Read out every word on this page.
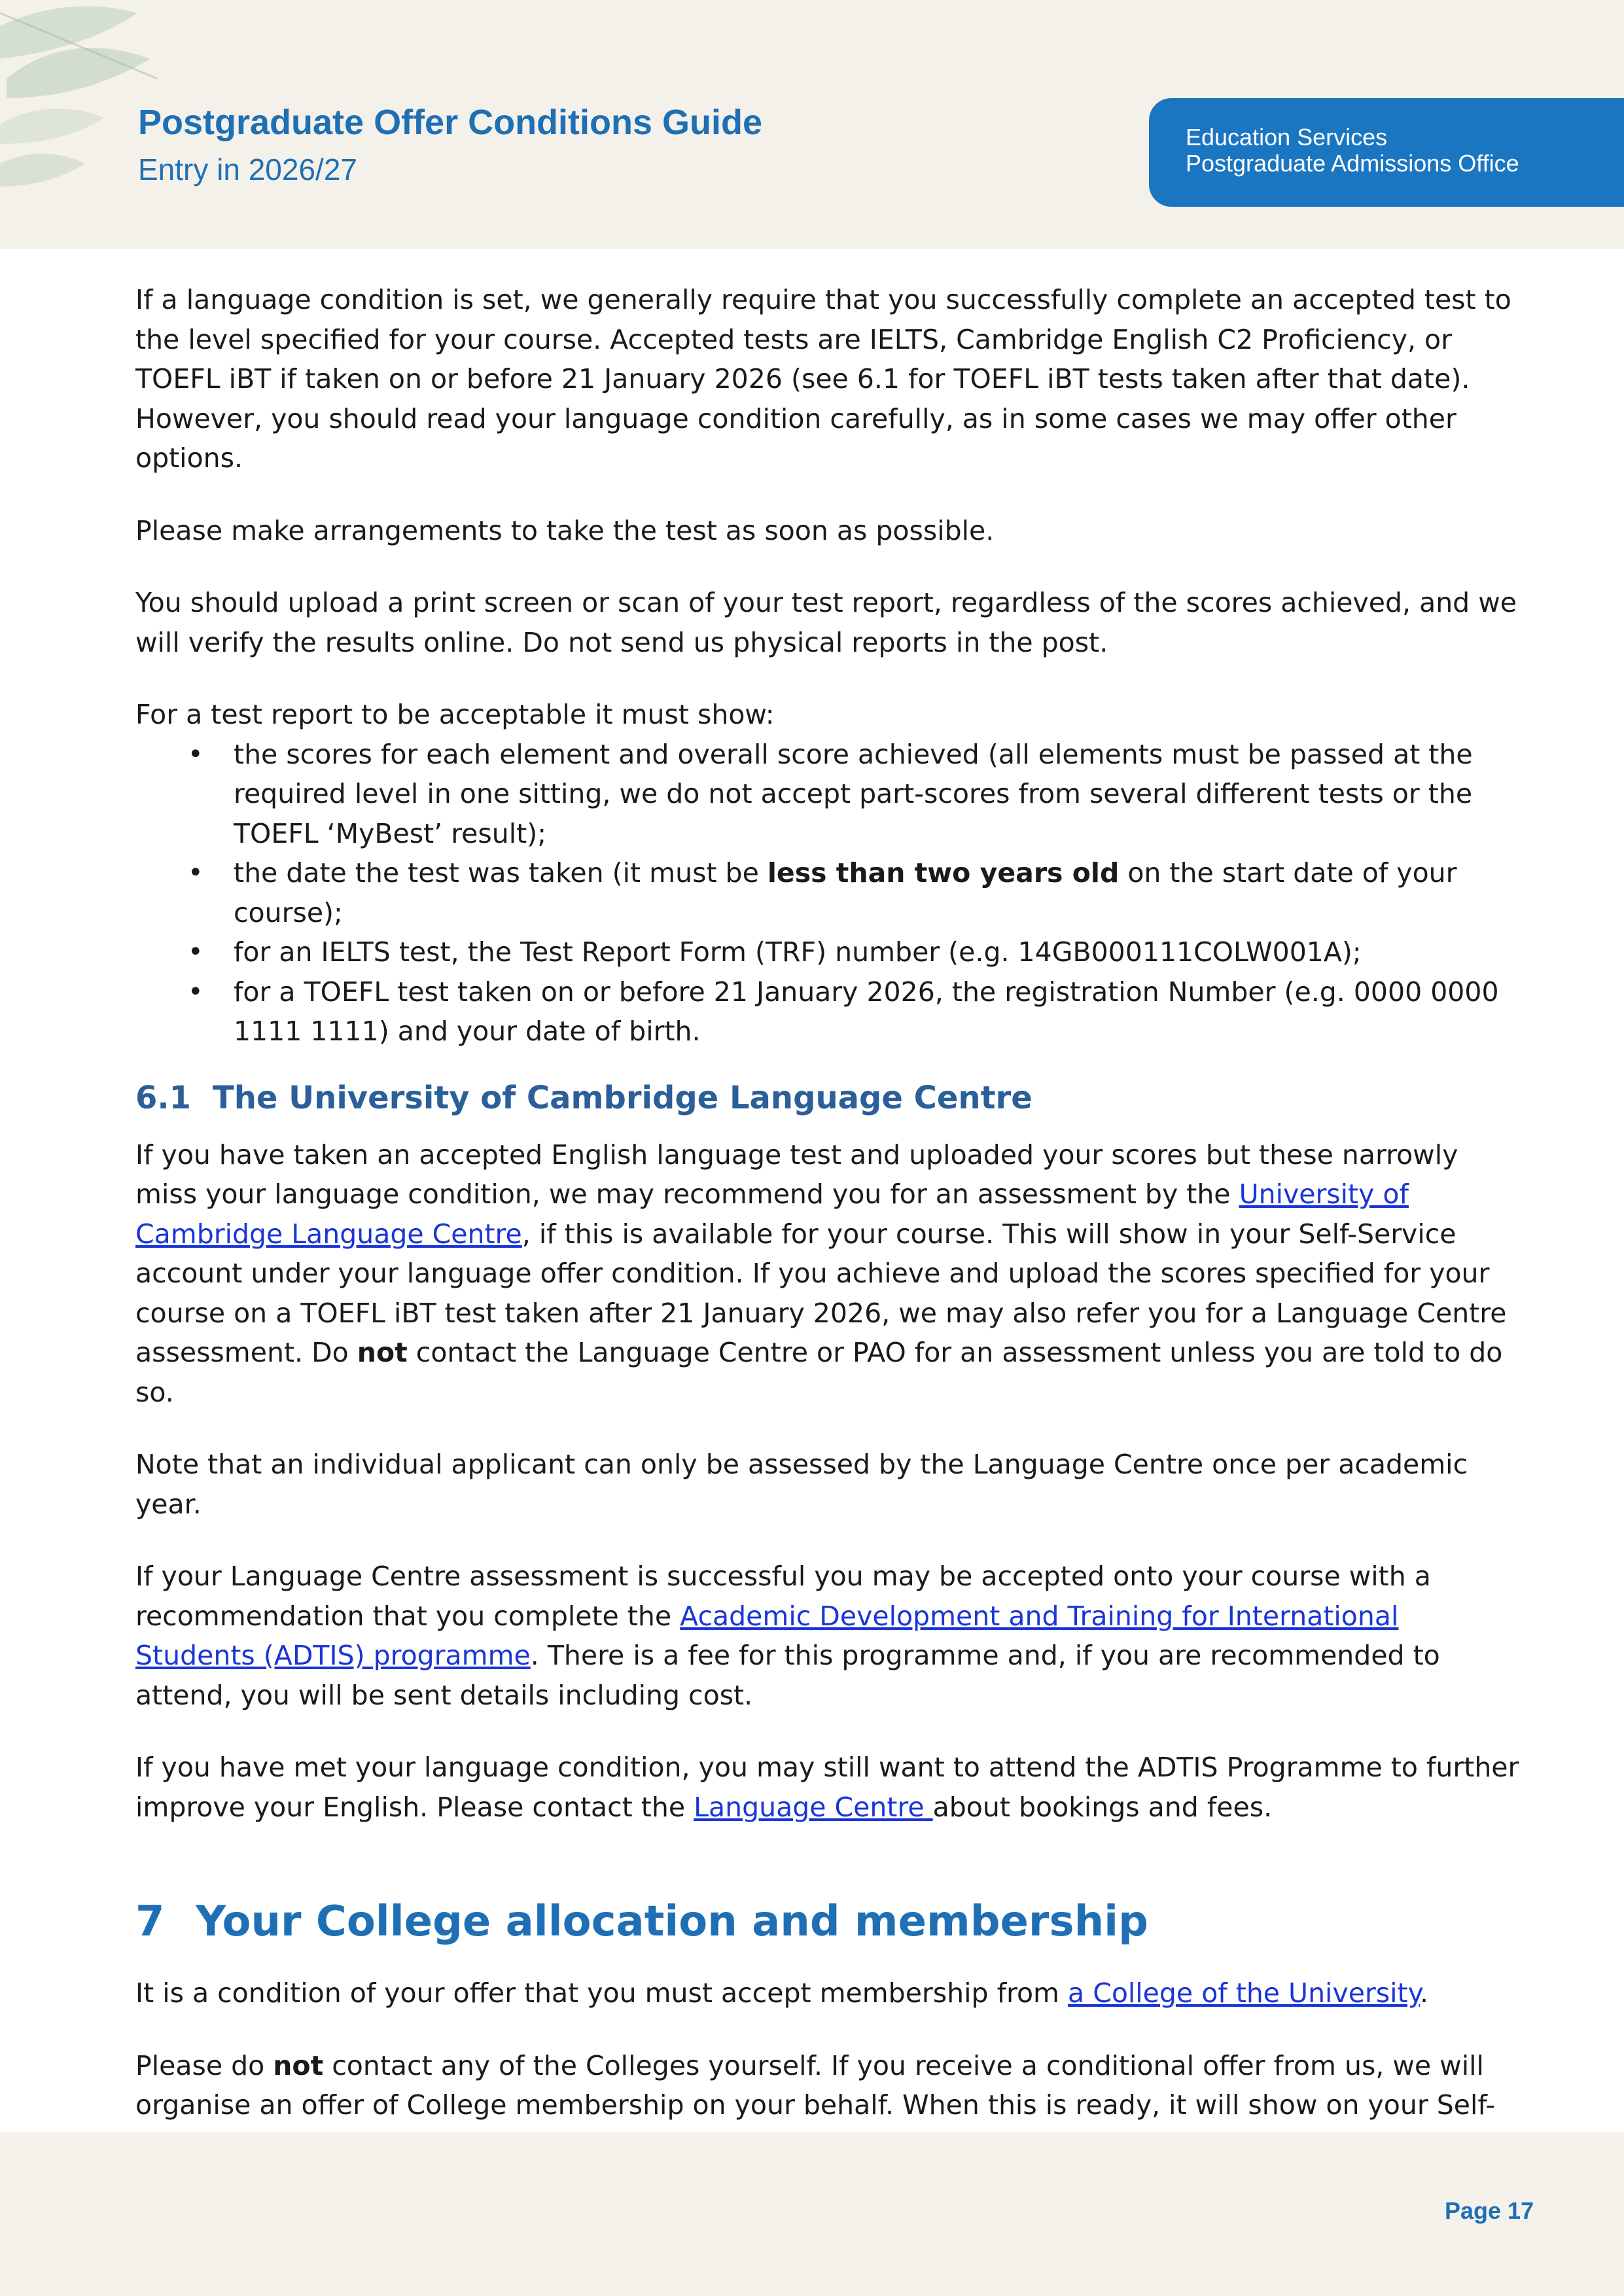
Postgraduate Offer Conditions Guide
Entry in 2026/27
Education Services
Postgraduate Admissions Office

If a language condition is set, we generally require that you successfully complete an accepted test to the level specified for your course. Accepted tests are IELTS, Cambridge English C2 Proficiency, or TOEFL iBT if taken on or before 21 January 2026 (see 6.1 for TOEFL iBT tests taken after that date). However, you should read your language condition carefully, as in some cases we may offer other options.

Please make arrangements to take the test as soon as possible.

You should upload a print screen or scan of your test report, regardless of the scores achieved, and we will verify the results online. Do not send us physical reports in the post.

For a test report to be acceptable it must show:

• the scores for each element and overall score achieved (all elements must be passed at the required level in one sitting, we do not accept part-scores from several different tests or the TOEFL ‘MyBest’ result);
• the date the test was taken (it must be less than two years old on the start date of your course);
• for an IELTS test, the Test Report Form (TRF) number (e.g. 14GB000111COLW001A);
• for a TOEFL test taken on or before 21 January 2026, the registration Number (e.g. 0000 0000 1111 1111) and your date of birth.
6.1 The University of Cambridge Language Centre

If you have taken an accepted English language test and uploaded your scores but these narrowly miss your language condition, we may recommend you for an assessment by the University of Cambridge Language Centre, if this is available for your course. This will show in your Self-Service account under your language offer condition. If you achieve and upload the scores specified for your course on a TOEFL iBT test taken after 21 January 2026, we may also refer you for a Language Centre assessment. Do not contact the Language Centre or PAO for an assessment unless you are told to do so.

Note that an individual applicant can only be assessed by the Language Centre once per academic year.

If your Language Centre assessment is successful you may be accepted onto your course with a recommendation that you complete the Academic Development and Training for International Students (ADTIS) programme. There is a fee for this programme and, if you are recommended to attend, you will be sent details including cost.

If you have met your language condition, you may still want to attend the ADTIS Programme to further improve your English. Please contact the Language Centre about bookings and fees.

7 Your College allocation and membership

It is a condition of your offer that you must accept membership from a College of the University.

Please do not contact any of the Colleges yourself. If you receive a conditional offer from us, we will organise an offer of College membership on your behalf. When this is ready, it will show on your Self-

Page 17
